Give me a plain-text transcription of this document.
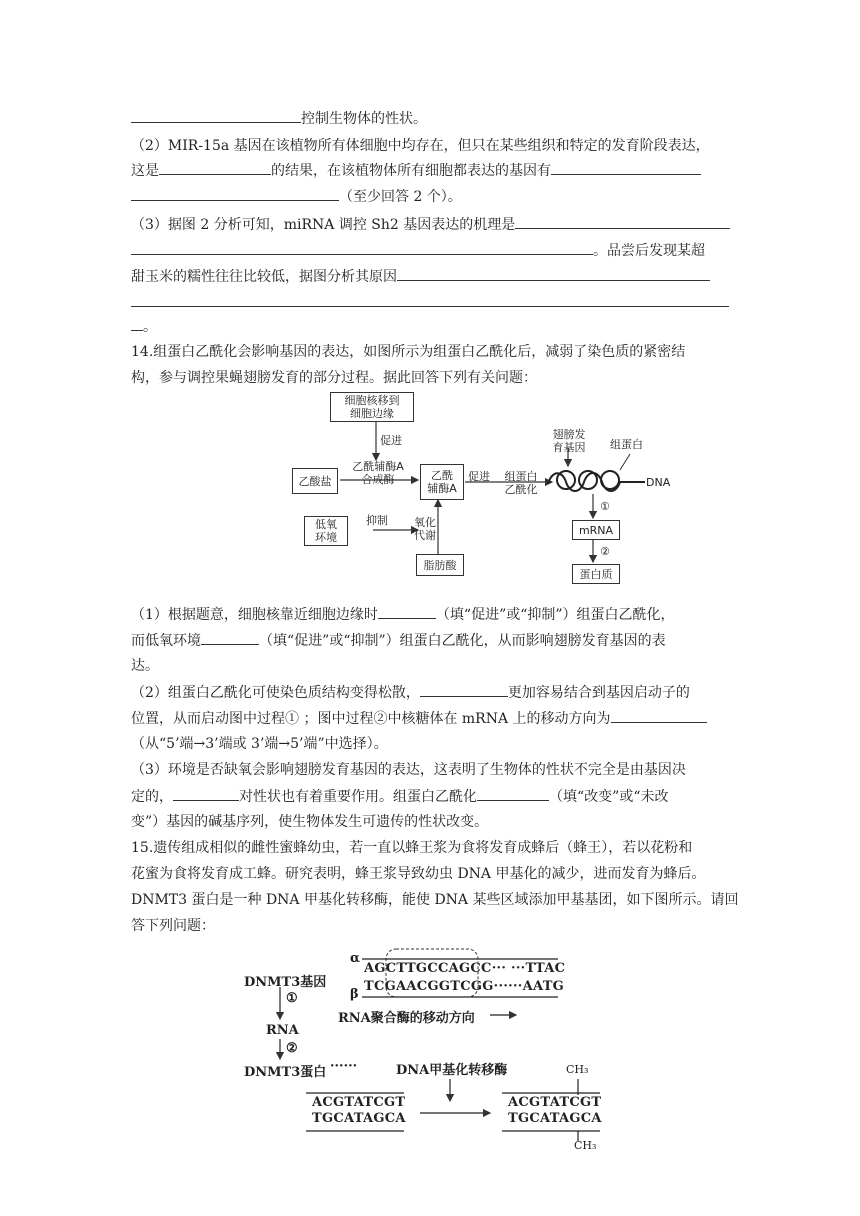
控制生物体的性状。
（2）MIR-15a 基因在该植物所有体细胞中均存在，但只在某些组织和特定的发育阶段表达，
这是	的结果，在该植物体所有细胞都表达的基因有
（至少回答 2 个）。
（3）据图 2 分析可知，miRNA 调控 Sh2 基因表达的机理是
。品尝后发现某超
甜玉米的糯性往往比较低，据图分析其原因
。
14.组蛋白乙酰化会影响基因的表达，如图所示为组蛋白乙酰化后，减弱了染色质的紧密结
构，参与调控果蝇翅膀发育的部分过程。据此回答下列有关问题：
细胞核移到细胞边缘
促进
乙酰辅酶A合成酶
乙酸盐	乙酰辅酶A
促进 组蛋白乙酰化
翅膀发育基因 组蛋白
DNA
低氧环境
抑制 氧化代谢
脂肪酸
①
mRNA
②
蛋白质
（1）根据题意，细胞核靠近细胞边缘时	（填“促进”或“抑制”）组蛋白乙酰化，
而低氧环境	（填“促进”或“抑制”）组蛋白乙酰化，从而影响翅膀发育基因的表
达。
（2）组蛋白乙酰化可使染色质结构变得松散，	更加容易结合到基因启动子的
位置，从而启动图中过程① ；图中过程②中核糖体在 mRNA 上的移动方向为
（从“5’端→3’端或 3’端→5’端”中选择）。
（3）环境是否缺氧会影响翅膀发育基因的表达，这表明了生物体的性状不完全是由基因决
定的，	对性状也有着重要作用。组蛋白乙酰化	（填“改变”或“未改
变”）基因的碱基序列，使生物体发生可遗传的性状改变。
15.遗传组成相似的雌性蜜蜂幼虫，若一直以蜂王浆为食将发育成蜂后（蜂王），若以花粉和
花蜜为食将发育成工蜂。研究表明，蜂王浆导致幼虫 DNA 甲基化的减少，进而发育为蜂后。
DNMT3 蛋白是一种 DNA 甲基化转移酶，能使 DNA 某些区域添加甲基基团，如下图所示。请回
答下列问题：
α
AGCTTGCCAGCC··· ···TTAC
β
TCGAACGGTCGG······AATG
RNA聚合酶的移动方向
DNMT3基因
①
RNA
②
DNMT3蛋白 ······	DNA甲基化转移酶
ACGTATCGT
TGCATAGCA
ACGTATCGT
TGCATAGCA
CH₃
CH₃
